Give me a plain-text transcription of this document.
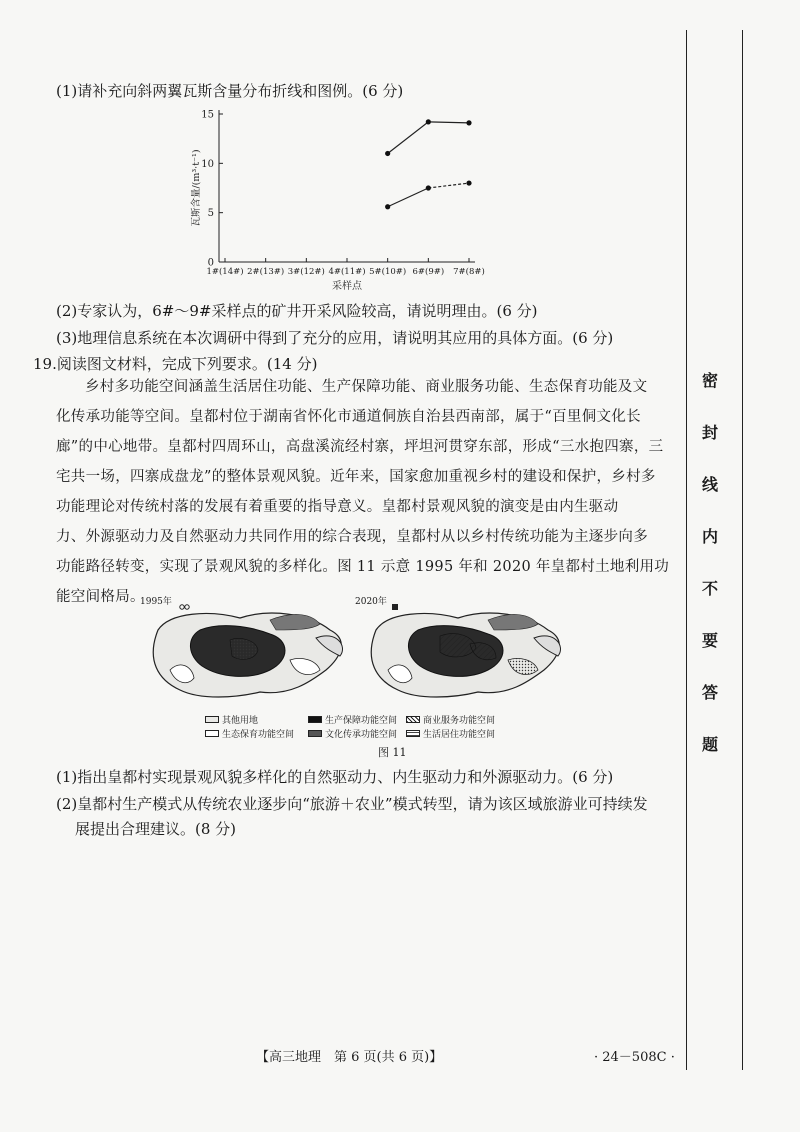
(1)请补充向斜两翼瓦斯含量分布折线和图例。(6 分)
0
5
10
15
1#(14#) 2#(13#) 3#(12#) 4#(11#) 5#(10#) 6#(9#) 7#(8#)
采样点
瓦斯含量/(m³·t⁻¹)
(2)专家认为，6#～9#采样点的矿井开采风险较高，请说明理由。(6 分)
(3)地理信息系统在本次调研中得到了充分的应用，请说明其应用的具体方面。(6 分)
19.阅读图文材料，完成下列要求。(14 分)
乡村多功能空间涵盖生活居住功能、生产保障功能、商业服务功能、生态保育功能及文
化传承功能等空间。皇都村位于湖南省怀化市通道侗族自治县西南部，属于“百里侗文化长
廊”的中心地带。皇都村四周环山，高盘溪流经村寨，坪坦河贯穿东部，形成“三水抱四寨，三
宅共一场，四寨成盘龙”的整体景观风貌。近年来，国家愈加重视乡村的建设和保护，乡村多
功能理论对传统村落的发展有着重要的指导意义。皇都村景观风貌的演变是由内生驱动
力、外源驱动力及自然驱动力共同作用的综合表现，皇都村从以乡村传统功能为主逐步向多
功能路径转变，实现了景观风貌的多样化。图 11 示意 1995 年和 2020 年皇都村土地利用功
能空间格局。
1995年	2020年
其他用地	生产保障功能空间	商业服务功能空间
生态保育功能空间	文化传承功能空间	生活居住功能空间
图 11
(1)指出皇都村实现景观风貌多样化的自然驱动力、内生驱动力和外源驱动力。(6 分)
(2)皇都村生产模式从传统农业逐步向“旅游＋农业”模式转型，请为该区域旅游业可持续发
展提出合理建议。(8 分)
密
封
线
内
不
要
答
题
【高三地理　第 6 页(共 6 页)】	· 24－508C ·
